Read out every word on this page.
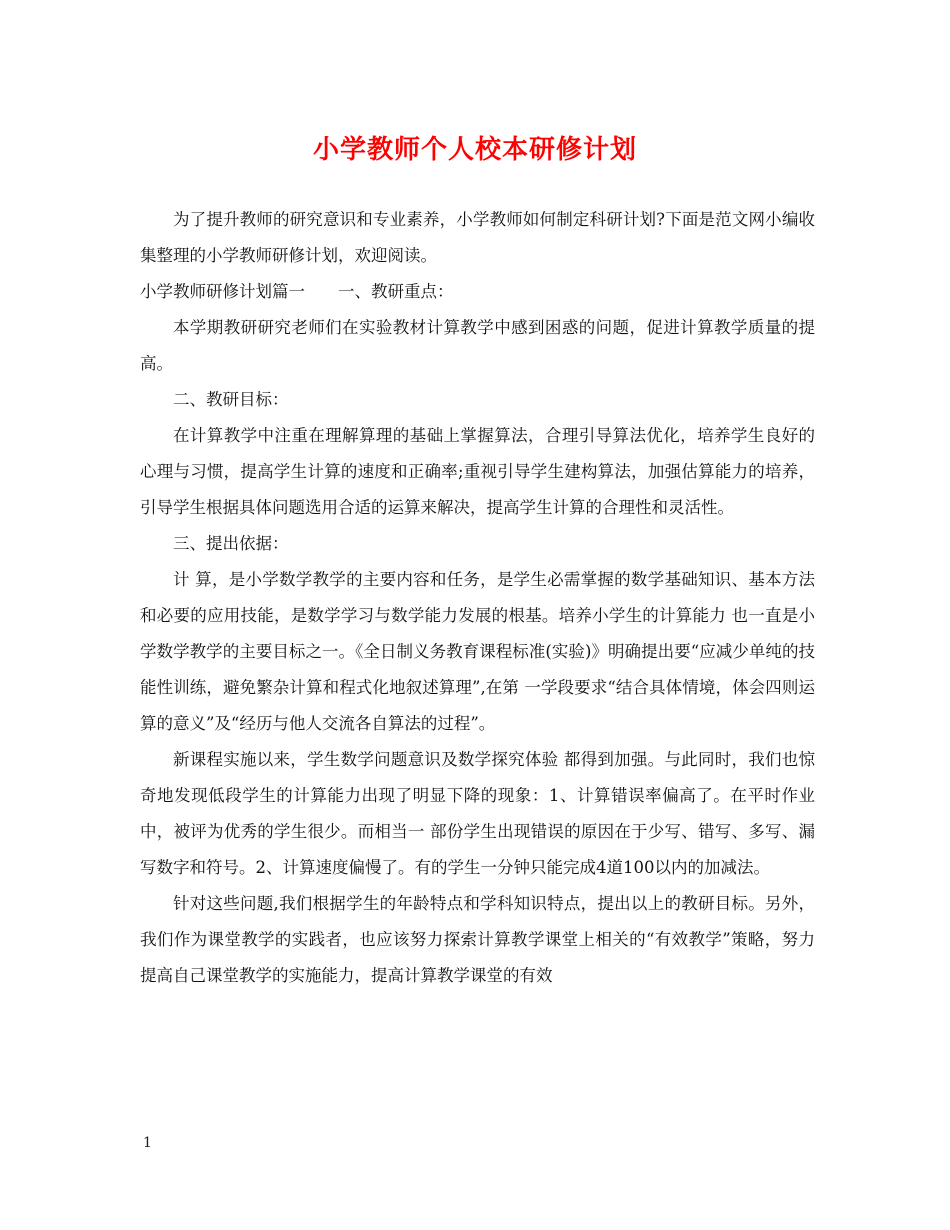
小学教师个人校本研修计划

为了提升教师的研究意识和专业素养，小学教师如何制定科研计划?下面是范文网小编收集整理的小学教师研修计划，欢迎阅读。

小学教师研修计划篇一　　一、教研重点：

本学期教研研究老师们在实验教材计算教学中感到困惑的问题，促进计算教学质量的提高。

二、教研目标：

在计算教学中注重在理解算理的基础上掌握算法，合理引导算法优化，培养学生良好的心理与习惯，提高学生计算的速度和正确率;重视引导学生建构算法，加强估算能力的培养，引导学生根据具体问题选用合适的运算来解决，提高学生计算的合理性和灵活性。

三、提出依据：

计 算，是小学数学教学的主要内容和任务，是学生必需掌握的数学基础知识、基本方法和必要的应用技能，是数学学习与数学能力发展的根基。培养小学生的计算能力 也一直是小学数学教学的主要目标之一。《全日制义务教育课程标准(实验)》明确提出要“应减少单纯的技能性训练，避免繁杂计算和程式化地叙述算理”,在第 一学段要求“结合具体情境，体会四则运算的意义”及“经历与他人交流各自算法的过程”。

新课程实施以来，学生数学问题意识及数学探究体验 都得到加强。与此同时，我们也惊奇地发现低段学生的计算能力出现了明显下降的现象：1、计算错误率偏高了。在平时作业中，被评为优秀的学生很少。而相当一 部份学生出现错误的原因在于少写、错写、多写、漏写数字和符号。2、计算速度偏慢了。有的学生一分钟只能完成4道100以内的加减法。

针对这些问题,我们根据学生的年龄特点和学科知识特点，提出以上的教研目标。另外，我们作为课堂教学的实践者，也应该努力探索计算教学课堂上相关的“有效教学”策略，努力提高自己课堂教学的实施能力，提高计算教学课堂的有效

1
